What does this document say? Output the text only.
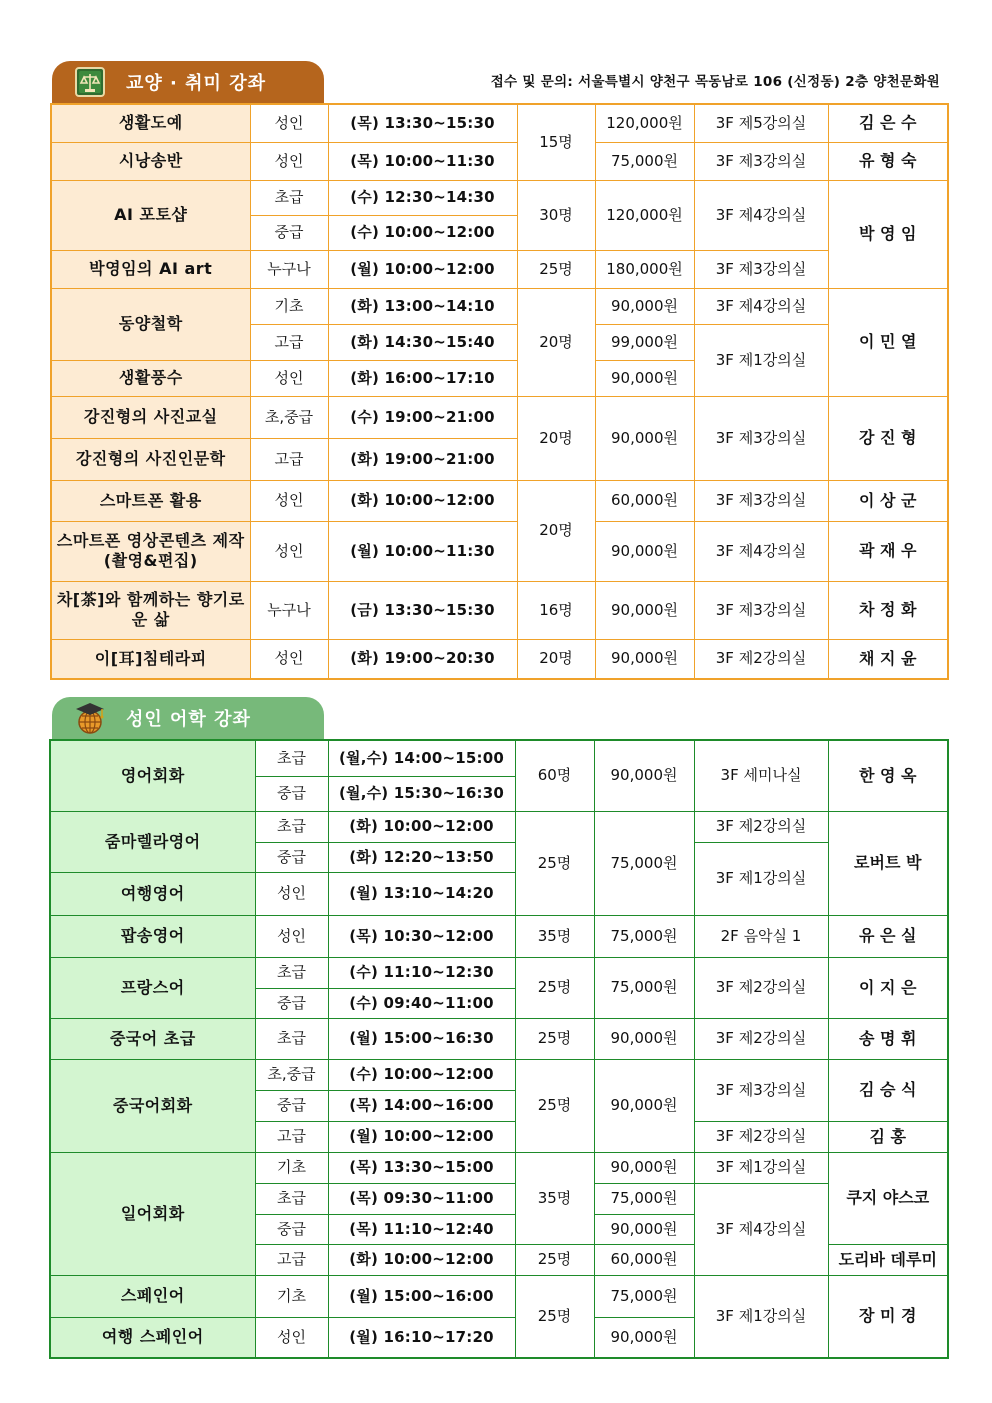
교양 · 취미 강좌	접수 및 문의: 서울특별시 양천구 목동남로 106 (신정동) 2층 양천문화원
생활도예	성인	(목) 13:30~15:30	15명	120,000원	3F 제5강의실	김 은 수
시낭송반	성인	(목) 10:00~11:30		75,000원	3F 제3강의실	유 형 숙
AI 포토샵	초급	(수) 12:30~14:30	30명	120,000원	3F 제4강의실	박 영 임
	중급	(수) 10:00~12:00				
박영임의 AI art	누구나	(월) 10:00~12:00	25명	180,000원	3F 제3강의실	
동양철학	기초	(화) 13:00~14:10	20명	90,000원	3F 제4강의실	이 민 열
	고급	(화) 14:30~15:40		99,000원	3F 제1강의실	
생활풍수	성인	(화) 16:00~17:10		90,000원		
강진형의 사진교실	초,중급	(수) 19:00~21:00	20명	90,000원	3F 제3강의실	강 진 형
강진형의 사진인문학	고급	(화) 19:00~21:00				
스마트폰 활용	성인	(화) 10:00~12:00	20명	60,000원	3F 제3강의실	이 상 군
스마트폰 영상콘텐츠 제작(촬영&편집)	성인	(월) 10:00~11:30		90,000원	3F 제4강의실	곽 재 우
차[茶]와 함께하는 향기로운 삶	누구나	(금) 13:30~15:30	16명	90,000원	3F 제3강의실	차 정 화
이[耳]침테라피	성인	(화) 19:00~20:30	20명	90,000원	3F 제2강의실	채 지 윤
성인 어학 강좌
영어회화	초급	(월,수) 14:00~15:00	60명	90,000원	3F 세미나실	한 영 옥
	중급	(월,수) 15:30~16:30				
줌마렐라영어	초급	(화) 10:00~12:00	25명	75,000원	3F 제2강의실	로버트 박
	중급	(화) 12:20~13:50			3F 제1강의실	
여행영어	성인	(월) 13:10~14:20				
팝송영어	성인	(목) 10:30~12:00	35명	75,000원	2F 음악실 1	유 은 실
프랑스어	초급	(수) 11:10~12:30	25명	75,000원	3F 제2강의실	이 지 은
	중급	(수) 09:40~11:00				
중국어 초급	초급	(월) 15:00~16:30	25명	90,000원	3F 제2강의실	송 명 휘
중국어회화	초,중급	(수) 10:00~12:00	25명	90,000원	3F 제3강의실	김 승 식
	중급	(목) 14:00~16:00				
	고급	(월) 10:00~12:00			3F 제2강의실	김 홍
일어회화	기초	(목) 13:30~15:00	35명	90,000원	3F 제1강의실	쿠지 야스코
	초급	(목) 09:30~11:00		75,000원	3F 제4강의실	
	중급	(목) 11:10~12:40		90,000원		
	고급	(화) 10:00~12:00	25명	60,000원		도리바 데루미
스페인어	기초	(월) 15:00~16:00	25명	75,000원	3F 제1강의실	장 미 경
여행 스페인어	성인	(월) 16:10~17:20		90,000원		
